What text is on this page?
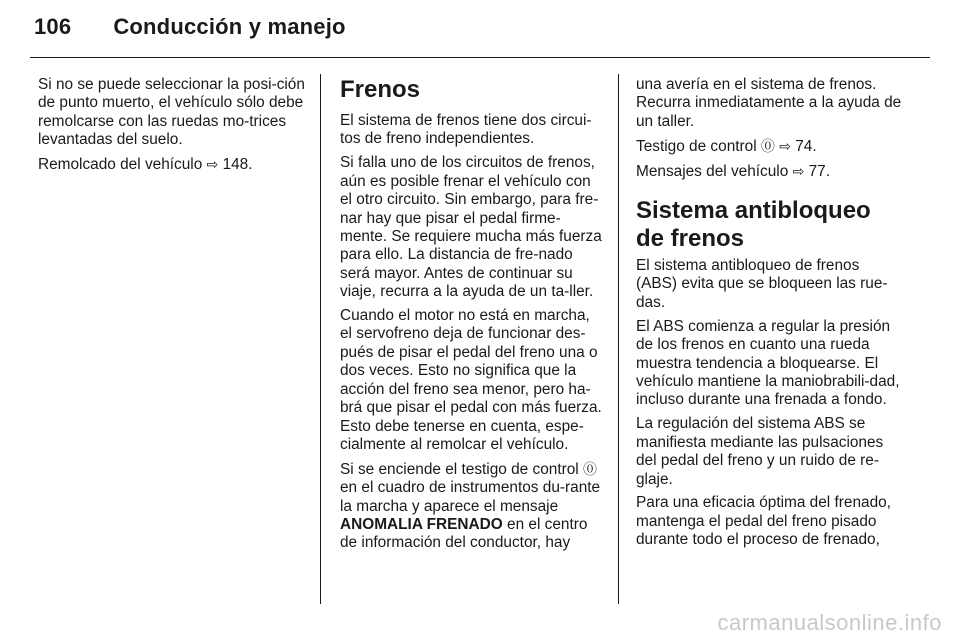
106 Conducción y manejo

Si no se puede seleccionar la posi-ción de punto muerto, el vehículo sólo debe remolcarse con las ruedas mo-trices levantadas del suelo.

Remolcado del vehículo ⇨ 148.

Frenos

El sistema de frenos tiene dos circui-tos de freno independientes.

Si falla uno de los circuitos de frenos, aún es posible frenar el vehículo con el otro circuito. Sin embargo, para fre-nar hay que pisar el pedal firme-mente. Se requiere mucha más fuerza para ello. La distancia de fre-nado será mayor. Antes de continuar su viaje, recurra a la ayuda de un ta-ller.

Cuando el motor no está en marcha, el servofreno deja de funcionar des-pués de pisar el pedal del freno una o dos veces. Esto no significa que la acción del freno sea menor, pero ha-brá que pisar el pedal con más fuerza. Esto debe tenerse en cuenta, espe-cialmente al remolcar el vehículo.

Si se enciende el testigo de control ⓪ en el cuadro de instrumentos du-rante la marcha y aparece el mensaje ANOMALIA FRENADO en el centro de información del conductor, hay

una avería en el sistema de frenos. Recurra inmediatamente a la ayuda de un taller.

Testigo de control ⓪ ⇨ 74.

Mensajes del vehículo ⇨ 77.

Sistema antibloqueo de frenos

El sistema antibloqueo de frenos (ABS) evita que se bloqueen las rue-das.

El ABS comienza a regular la presión de los frenos en cuanto una rueda muestra tendencia a bloquearse. El vehículo mantiene la maniobrabili-dad, incluso durante una frenada a fondo.

La regulación del sistema ABS se manifiesta mediante las pulsaciones del pedal del freno y un ruido de re-glaje.

Para una eficacia óptima del frenado, mantenga el pedal del freno pisado durante todo el proceso de frenado,

carmanualsonline.info
